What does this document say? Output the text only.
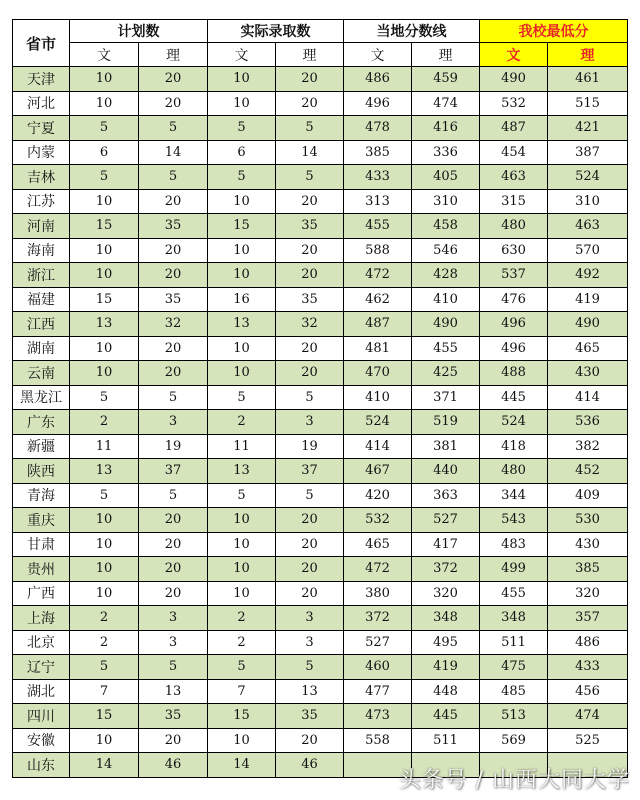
省市	计划数		实际录取数		当地分数线		我校最低分	
	文	理	文	理	文	理	文	理
天津	10	20	10	20	486	459	490	461
河北	10	20	10	20	496	474	532	515
宁夏	5	5	5	5	478	416	487	421
内蒙	6	14	6	14	385	336	454	387
吉林	5	5	5	5	433	405	463	524
江苏	10	20	10	20	313	310	315	310
河南	15	35	15	35	455	458	480	463
海南	10	20	10	20	588	546	630	570
浙江	10	20	10	20	472	428	537	492
福建	15	35	16	35	462	410	476	419
江西	13	32	13	32	487	490	496	490
湖南	10	20	10	20	481	455	496	465
云南	10	20	10	20	470	425	488	430
黑龙江	5	5	5	5	410	371	445	414
广东	2	3	2	3	524	519	524	536
新疆	11	19	11	19	414	381	418	382
陕西	13	37	13	37	467	440	480	452
青海	5	5	5	5	420	363	344	409
重庆	10	20	10	20	532	527	543	530
甘肃	10	20	10	20	465	417	483	430
贵州	10	20	10	20	472	372	499	385
广西	10	20	10	20	380	320	455	320
上海	2	3	2	3	372	348	348	357
北京	2	3	2	3	527	495	511	486
辽宁	5	5	5	5	460	419	475	433
湖北	7	13	7	13	477	448	485	456
四川	15	35	15	35	473	445	513	474
安徽	10	20	10	20	558	511	569	525
山东	14	46	14	46				
头条号 / 山西大同大学
